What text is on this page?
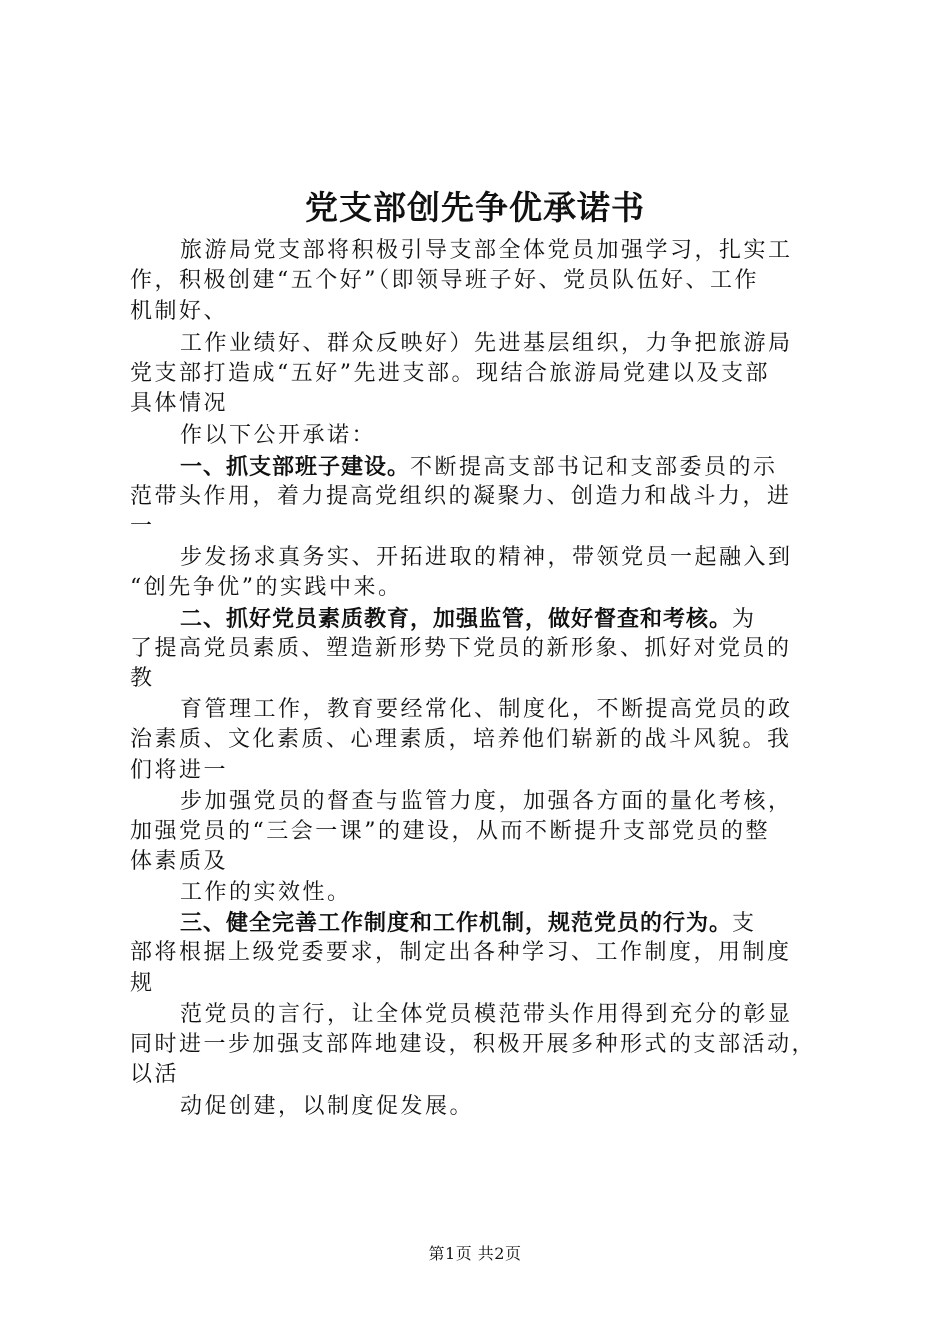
党支部创先争优承诺书
旅游局党支部将积极引导支部全体党员加强学习，扎实工
作，积极创建“五个好”（即领导班子好、党员队伍好、工作
机制好、
工作业绩好、群众反映好）先进基层组织，力争把旅游局
党支部打造成“五好”先进支部。现结合旅游局党建以及支部
具体情况
作以下公开承诺：
一、抓支部班子建设。不断提高支部书记和支部委员的示
范带头作用，着力提高党组织的凝聚力、创造力和战斗力，进
一
步发扬求真务实、开拓进取的精神，带领党员一起融入到
“创先争优”的实践中来。
二、抓好党员素质教育，加强监管，做好督查和考核。为
了提高党员素质、塑造新形势下党员的新形象、抓好对党员的
教
育管理工作，教育要经常化、制度化，不断提高党员的政
治素质、文化素质、心理素质，培养他们崭新的战斗风貌。我
们将进一
步加强党员的督查与监管力度，加强各方面的量化考核，
加强党员的“三会一课”的建设，从而不断提升支部党员的整
体素质及
工作的实效性。
三、健全完善工作制度和工作机制，规范党员的行为。支
部将根据上级党委要求，制定出各种学习、工作制度，用制度
规
范党员的言行，让全体党员模范带头作用得到充分的彰显
同时进一步加强支部阵地建设，积极开展多种形式的支部活动，
以活
动促创建，以制度促发展。
第1页 共2页
